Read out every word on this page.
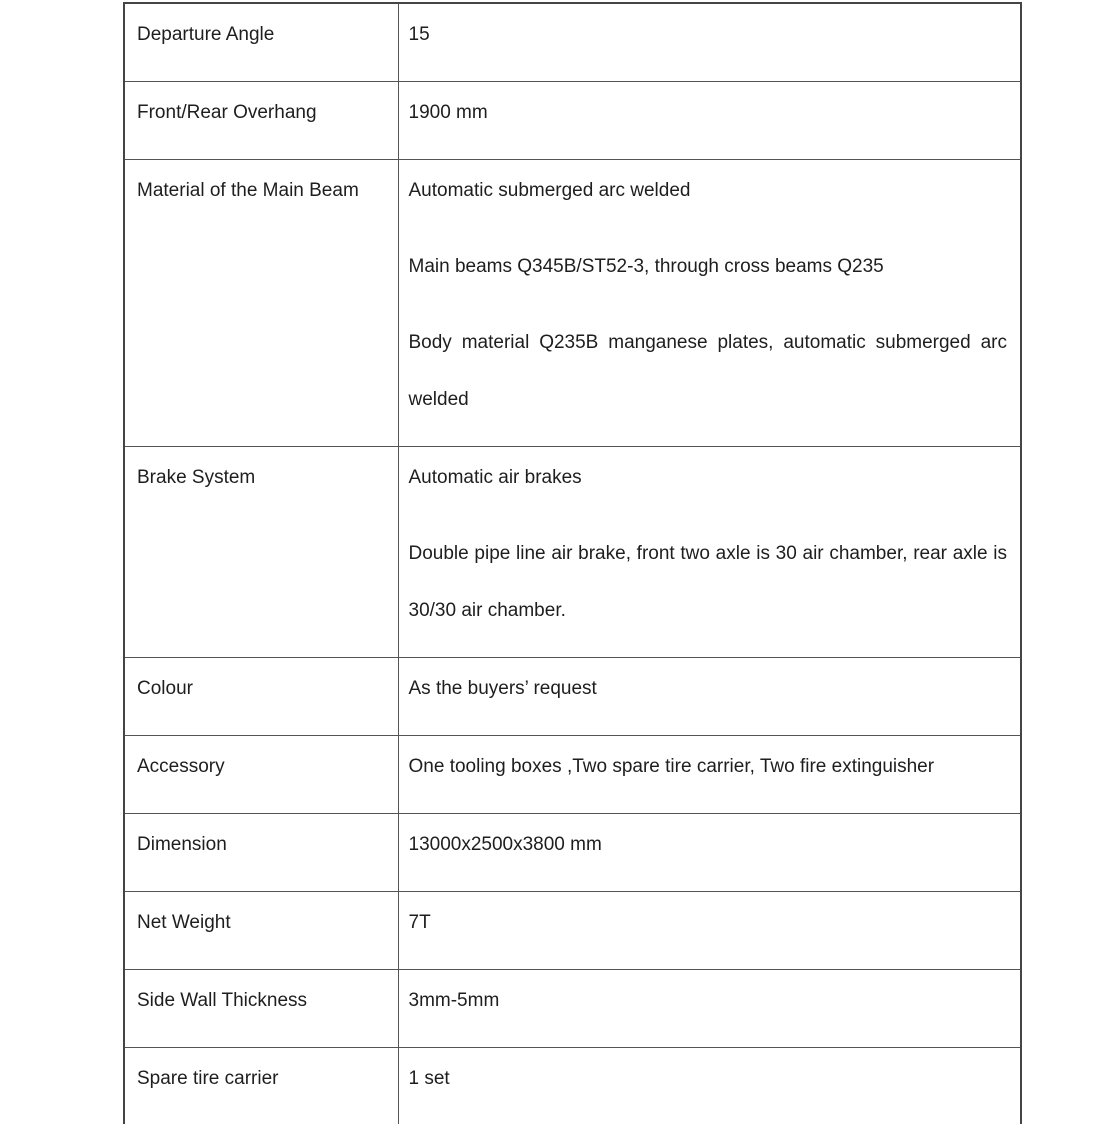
Departure Angle	15

Front/Rear Overhang	1900 mm

Material of the Main Beam	Automatic submerged arc welded

Main beams Q345B/ST52-3, through cross beams Q235

Body material Q235B manganese plates, automatic submerged arc welded

Brake System	Automatic air brakes

Double pipe line air brake, front two axle is 30 air chamber, rear axle is 30/30 air chamber.

Colour	As the buyers’ request

Accessory	One tooling boxes ,Two spare tire carrier, Two fire extinguisher

Dimension	13000x2500x3800 mm

Net Weight	7T

Side Wall Thickness	3mm-5mm

Spare tire carrier	1 set
